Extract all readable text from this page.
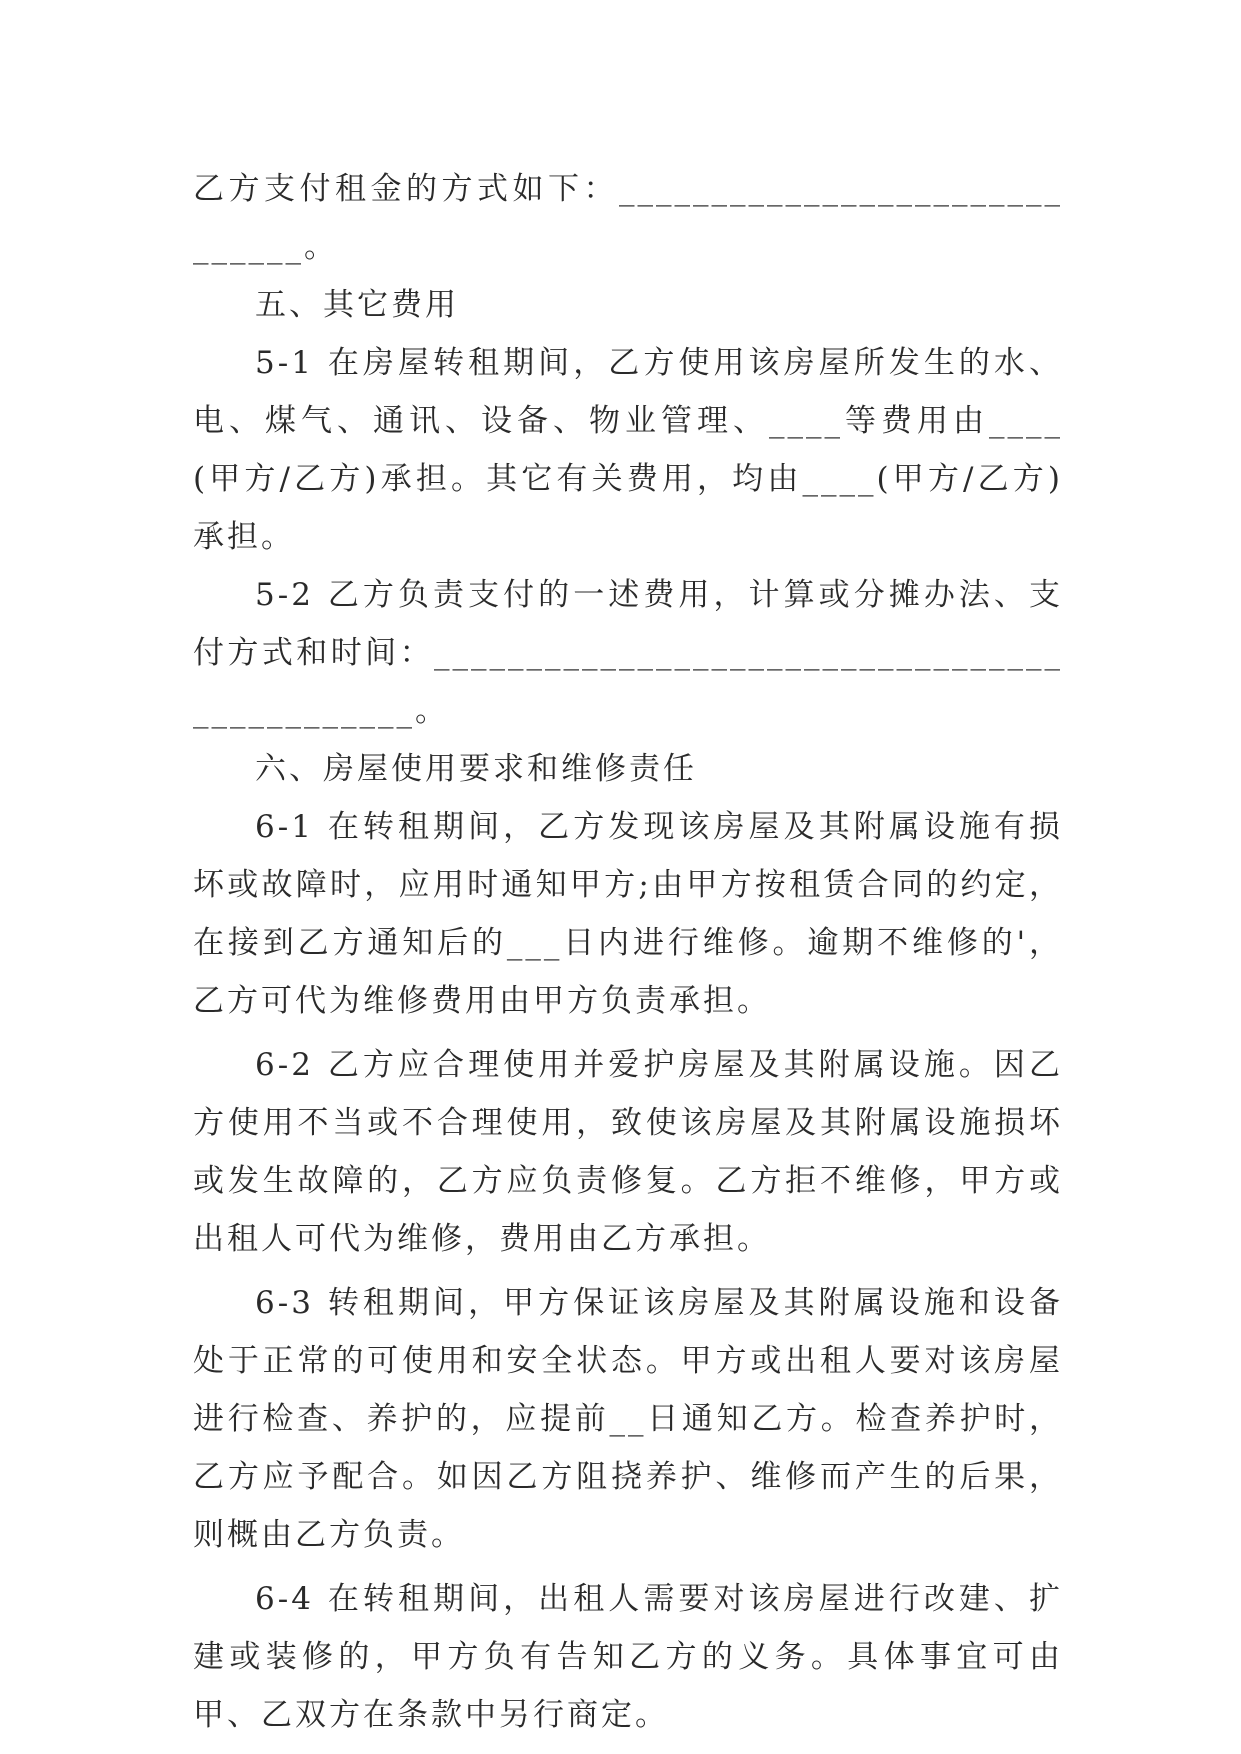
乙方支付租金的方式如下：______________________________。

五、其它费用

5-1 在房屋转租期间，乙方使用该房屋所发生的水、电、煤气、通讯、设备、物业管理、____等费用由____(甲方/乙方)承担。其它有关费用，均由____(甲方/乙方)承担。

5-2 乙方负责支付的一述费用，计算或分摊办法、支付方式和时间：______________________________________________。

六、房屋使用要求和维修责任

6-1 在转租期间，乙方发现该房屋及其附属设施有损坏或故障时，应用时通知甲方;由甲方按租赁合同的约定，在接到乙方通知后的___日内进行维修。逾期不维修的'，乙方可代为维修费用由甲方负责承担。

6-2 乙方应合理使用并爱护房屋及其附属设施。因乙方使用不当或不合理使用，致使该房屋及其附属设施损坏或发生故障的，乙方应负责修复。乙方拒不维修，甲方或出租人可代为维修，费用由乙方承担。

6-3 转租期间，甲方保证该房屋及其附属设施和设备处于正常的可使用和安全状态。甲方或出租人要对该房屋进行检查、养护的，应提前__日通知乙方。检查养护时，乙方应予配合。如因乙方阻挠养护、维修而产生的后果，则概由乙方负责。

6-4 在转租期间，出租人需要对该房屋进行改建、扩建或装修的，甲方负有告知乙方的义务。具体事宜可由甲、乙双方在条款中另行商定。
